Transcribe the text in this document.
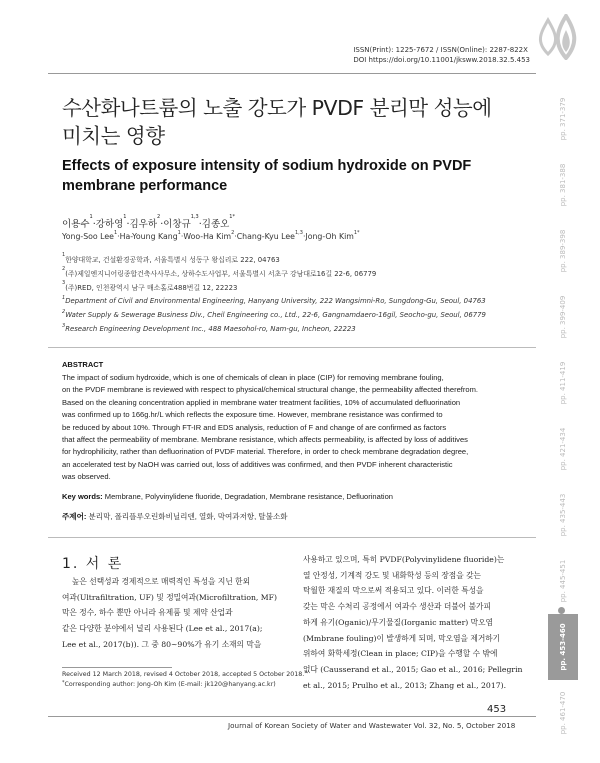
ISSN(Print): 1225-7672 / ISSN(Online): 2287-822X
DOI https://doi.org/10.11001/jksww.2018.32.5.453
수산화나트륨의 노출 강도가 PVDF 분리막 성능에
미치는 영향
Effects of exposure intensity of sodium hydroxide on PVDF
membrane performance
이용수$^1$·강하영$^1$·김우하$^2$·이창규$^{1,3}$·김종오$^{1*}$
Yong-Soo Lee$^1$·Ha-Young Kang$^1$·Woo-Ha Kim$^2$·Chang-Kyu Lee$^{1,3}$·Jong-Oh Kim$^{1*}$
$^1$한양대학교, 건설환경공학과, 서울특별시 성동구 왕십리로 222, 04763
$^2$(주)제일엔지니어링종합건축사사무소, 상하수도사업부, 서울특별시 서초구 강남대로16길 22-6, 06779
$^3$(주)RED, 인천광역시 남구 매소홀로488번길 12, 22223
$^1$Department of Civil and Environmental Engineering, Hanyang University, 222 Wangsimni-Ro, Sungdong-Gu, Seoul, 04763
$^2$Water Supply & Sewerage Business Div., Cheil Engineering co., Ltd., 22-6, Gangnamdaero-16gil, Seocho-gu, Seoul, 06779
$^3$Research Engineering Development Inc., 488 Maesohol-ro, Nam-gu, Incheon, 22223
ABSTRACT
The impact of sodium hydroxide, which is one of chemicals of clean in place (CIP) for removing membrane fouling,
on the PVDF membrane is reviewed with respect to physical/chemical structural change, the permeability affected therefrom.
Based on the cleaning concentration applied in membrane water treatment facilities, 10% of accumulated defluorination
was confirmed up to 166g.hr/L which reflects the exposure time. However, membrane resistance was confirmed to
be reduced by about 10%. Through FT-IR and EDS analysis, reduction of F and change of are confirmed as factors
that affect the permeability of membrane. Membrane resistance, which affects permeability, is affected by loss of additives
for hydrophilicity, rather than defluorination of PVDF material. Therefore, in order to check membrane degradation degree,
an accelerated test by NaOH was carried out, loss of additives was confirmed, and then PVDF inherent characteristic
was observed.
Key words: Membrane, Polyvinylidene fluoride, Degradation, Membrane resistance, Defluorination
주제어: 분리막, 폴리플루오린화비닐리덴, 열화, 막여과저항, 탈불소화
1. 서 론
높은 선택성과 경제적으로 매력적인 특성을 지닌 한외
여과(Ultrafiltration, UF) 및 정밀여과(Microfiltration, MF)
막은 정수, 하수 뿐만 아니라 유제품 및 제약 산업과
같은 다양한 분야에서 널리 사용된다 (Lee et al., 2017(a);
Lee et al., 2017(b)). 그 중 80~90%가 유기 소재의 막을
사용하고 있으며, 특히 PVDF(Polyvinylidene fluoride)는
열 안정성, 기계적 강도 및 내화학성 등의 장점을 갖는
탁월한 재질의 막으로써 적용되고 있다. 이러한 특성을
갖는 막은 수처리 공정에서 여과수 생산과 더불어 불가피
하게 유기(Oganic)/무기물질(Iorganic matter) 막오염
(Mmbrane fouling)이 발생하게 되며, 막오염을 제거하기
위하여 화학세정(Clean in place; CIP)을 수행할 수 밖에
없다 (Causserand et al., 2015; Gao et al., 2016; Pellegrin
et al., 2015; Prulho et al., 2013; Zhang et al., 2017).
Received 12 March 2018, revised 4 October 2018, accepted 5 October 2018.
*Corresponding author: Jong-Oh Kim (E-mail: jk120@hanyang.ac.kr)
453
Journal of Korean Society of Water and Wastewater Vol. 32, No. 5, October 2018
pp. 371-379
pp. 381-388
pp. 389-398
pp. 399-409
pp. 411-419
pp. 421-434
pp. 435-443
pp. 445-451
pp. 453-460
pp. 461-470
